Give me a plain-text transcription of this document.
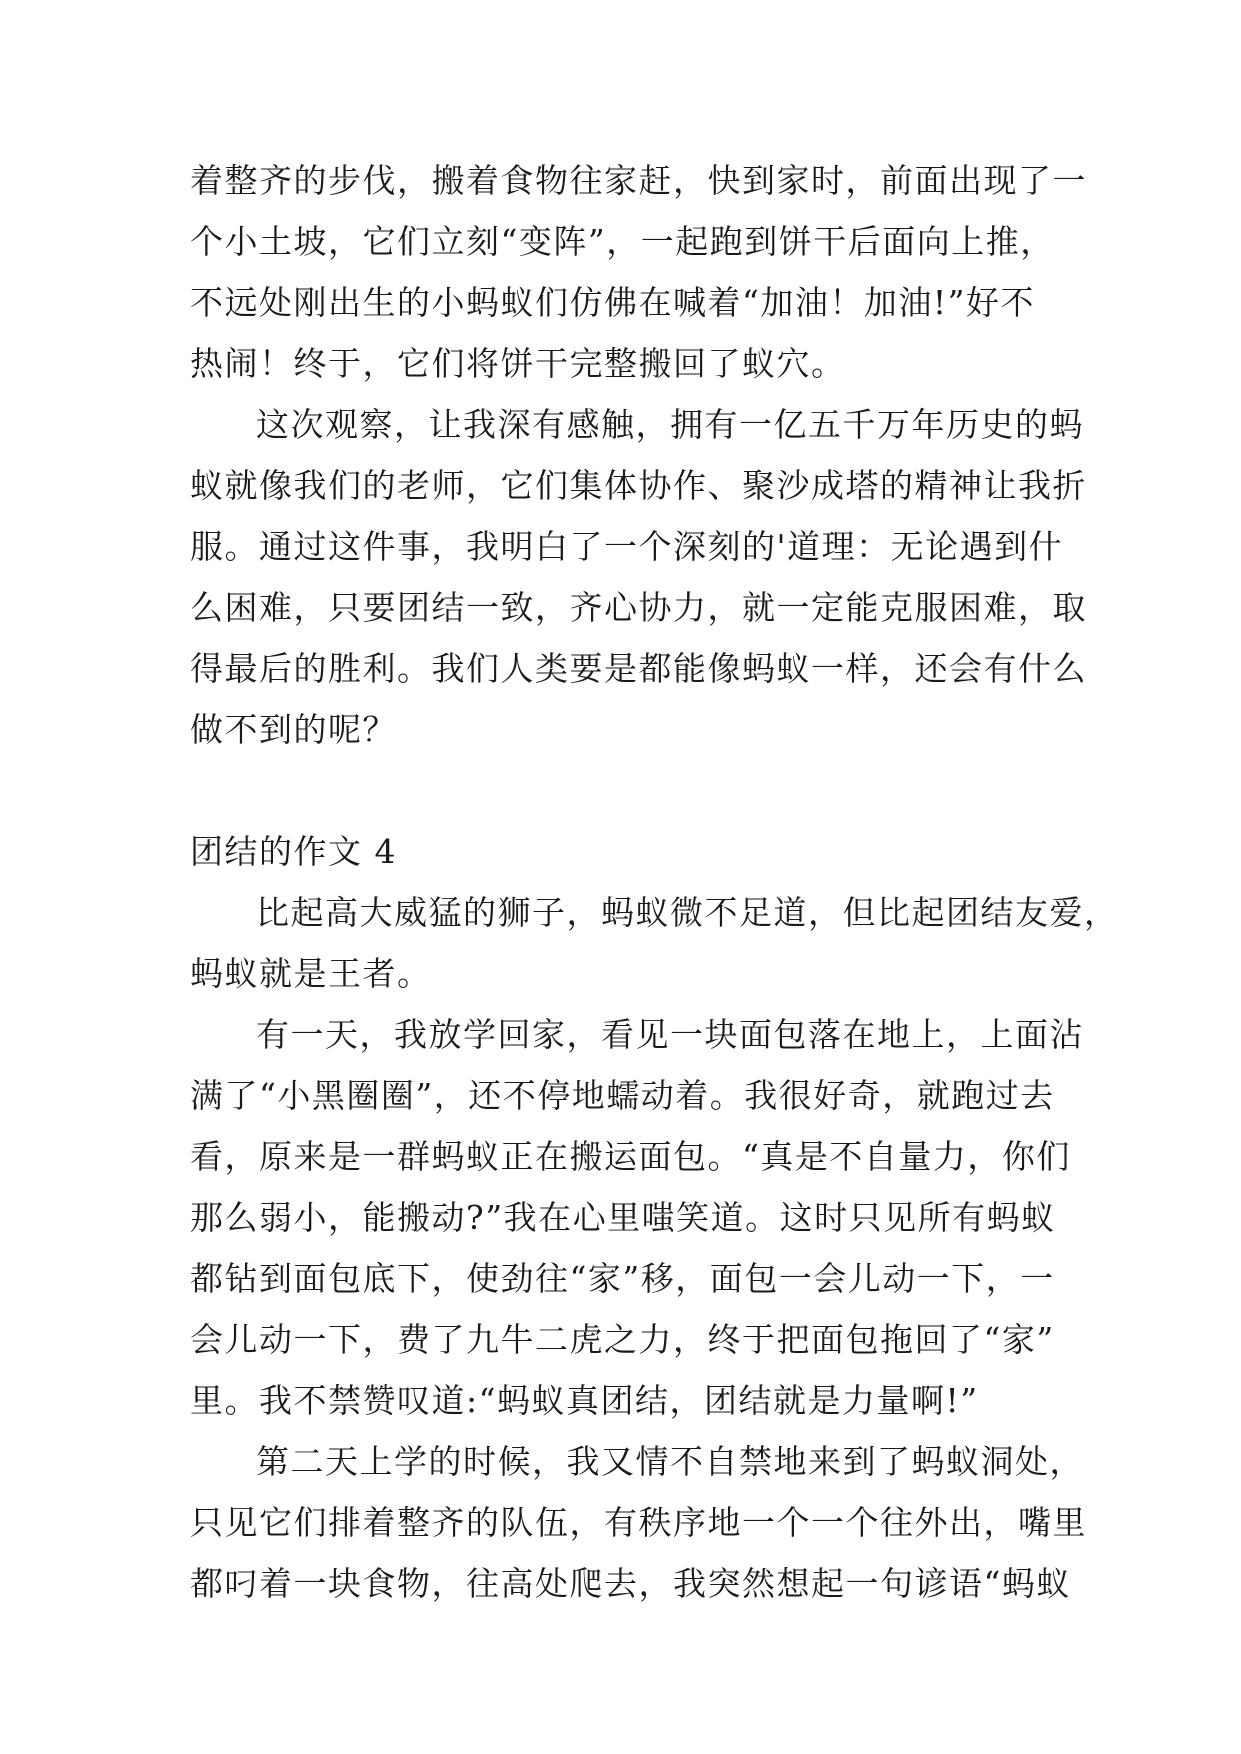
着整齐的步伐，搬着食物往家赶，快到家时，前面出现了一
个小土坡，它们立刻“变阵”，一起跑到饼干后面向上推，
不远处刚出生的小蚂蚁们仿佛在喊着“加油！加油!”好不
热闹！终于，它们将饼干完整搬回了蚁穴。
这次观察，让我深有感触，拥有一亿五千万年历史的蚂
蚁就像我们的老师，它们集体协作、聚沙成塔的精神让我折
服。通过这件事，我明白了一个深刻的'道理：无论遇到什
么困难，只要团结一致，齐心协力，就一定能克服困难，取
得最后的胜利。我们人类要是都能像蚂蚁一样，还会有什么
做不到的呢？
团结的作文 4
比起高大威猛的狮子，蚂蚁微不足道，但比起团结友爱，
蚂蚁就是王者。
有一天，我放学回家，看见一块面包落在地上，上面沾
满了“小黑圈圈”，还不停地蠕动着。我很好奇，就跑过去
看，原来是一群蚂蚁正在搬运面包。“真是不自量力，你们
那么弱小，能搬动?”我在心里嗤笑道。这时只见所有蚂蚁
都钻到面包底下，使劲往“家”移，面包一会儿动一下，一
会儿动一下，费了九牛二虎之力，终于把面包拖回了“家”
里。我不禁赞叹道:“蚂蚁真团结，团结就是力量啊!”
第二天上学的时候，我又情不自禁地来到了蚂蚁洞处，
只见它们排着整齐的队伍，有秩序地一个一个往外出，嘴里
都叼着一块食物，往高处爬去，我突然想起一句谚语“蚂蚁
